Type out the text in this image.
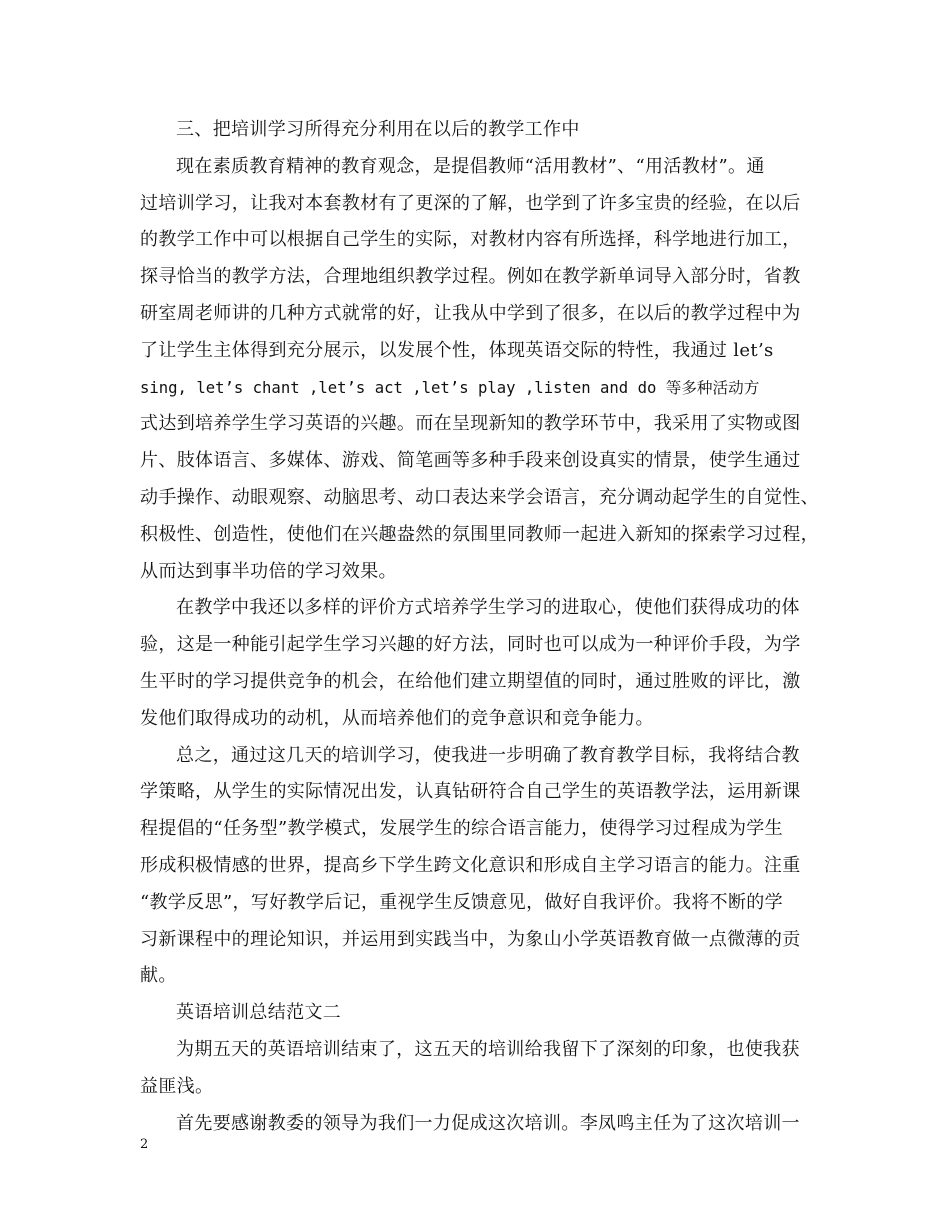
三、把培训学习所得充分利用在以后的教学工作中
现在素质教育精神的教育观念，是提倡教师“活用教材”、“用活教材”。通
过培训学习，让我对本套教材有了更深的了解，也学到了许多宝贵的经验，在以后
的教学工作中可以根据自己学生的实际，对教材内容有所选择，科学地进行加工，
探寻恰当的教学方法，合理地组织教学过程。例如在教学新单词导入部分时，省教
研室周老师讲的几种方式就常的好，让我从中学到了很多，在以后的教学过程中为
了让学生主体得到充分展示，以发展个性，体现英语交际的特性，我通过 let’s
sing, let’s chant ,let’s act ,let’s play ,listen and do 等多种活动方
式达到培养学生学习英语的兴趣。而在呈现新知的教学环节中，我采用了实物或图
片、肢体语言、多媒体、游戏、简笔画等多种手段来创设真实的情景，使学生通过
动手操作、动眼观察、动脑思考、动口表达来学会语言，充分调动起学生的自觉性、
积极性、创造性，使他们在兴趣盎然的氛围里同教师一起进入新知的探索学习过程，
从而达到事半功倍的学习效果。
在教学中我还以多样的评价方式培养学生学习的进取心，使他们获得成功的体
验，这是一种能引起学生学习兴趣的好方法，同时也可以成为一种评价手段，为学
生平时的学习提供竞争的机会，在给他们建立期望值的同时，通过胜败的评比，激
发他们取得成功的动机，从而培养他们的竞争意识和竞争能力。
总之，通过这几天的培训学习，使我进一步明确了教育教学目标，我将结合教
学策略，从学生的实际情况出发，认真钻研符合自己学生的英语教学法，运用新课
程提倡的“任务型”教学模式，发展学生的综合语言能力，使得学习过程成为学生
形成积极情感的世界，提高乡下学生跨文化意识和形成自主学习语言的能力。注重
“教学反思”，写好教学后记，重视学生反馈意见，做好自我评价。我将不断的学
习新课程中的理论知识，并运用到实践当中，为象山小学英语教育做一点微薄的贡
献。
英语培训总结范文二
为期五天的英语培训结束了，这五天的培训给我留下了深刻的印象，也使我获
益匪浅。
首先要感谢教委的领导为我们一力促成这次培训。李凤鸣主任为了这次培训一
2
